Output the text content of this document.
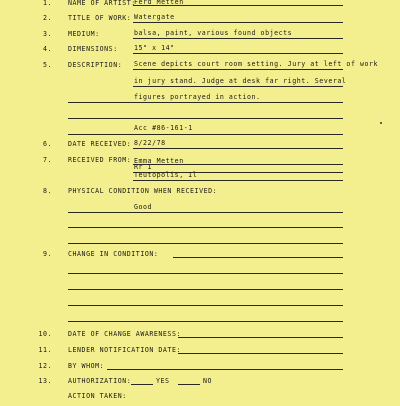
1. NAME OF ARTIST:
Ferd Metten
2. TITLE OF WORK: Watergate
3. MEDIUM:	balsa, paint, various found objects
4. DIMENSIONS: 15" x 14"
5. DESCRIPTION: Scene depicts court room setting. Jury at left of work
in jury stand. Judge at desk far right. Several
figures portrayed in action.
Acc #86-161-1
6. DATE RECEIVED: 8/22/78
7. RECEIVED FROM: Emma Metten
Rr 1
Teutopolis, Il
8. PHYSICAL CONDITION WHEN RECEIVED:
Good
9. CHANGE IN CONDITION:
10. DATE OF CHANGE AWARENESS:
11. LENDER NOTIFICATION DATE:
12. BY WHOM:
13. AUTHORIZATION:	YES	NO
ACTION TAKEN:
